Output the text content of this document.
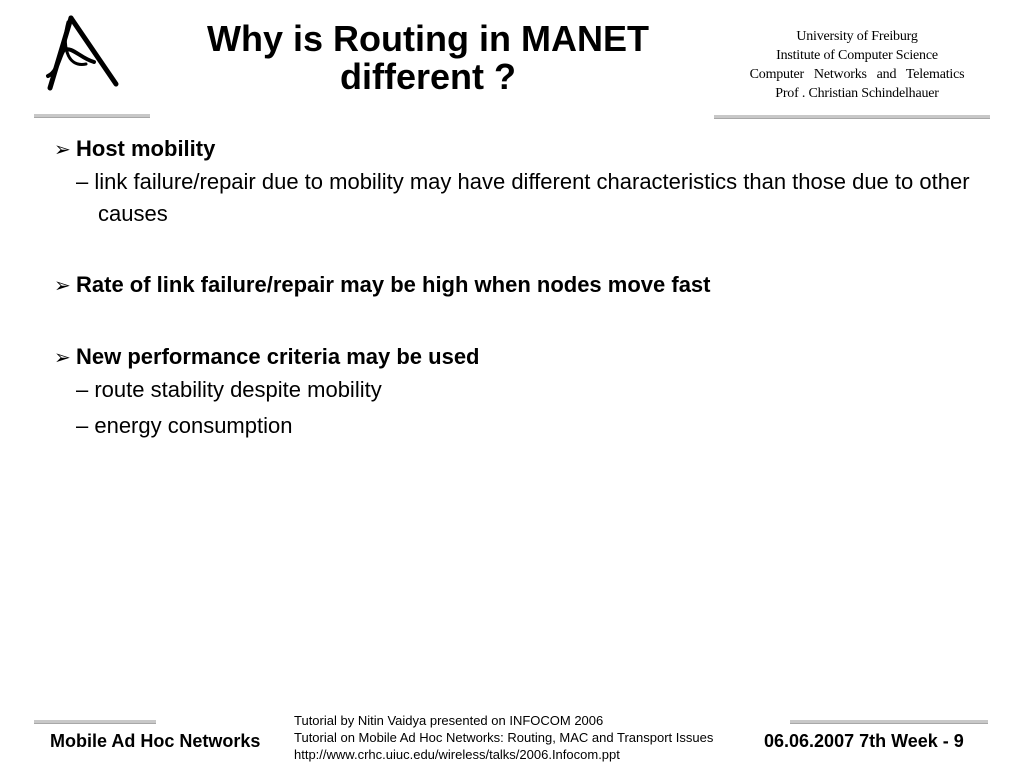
Why is Routing in MANET different ?
University of Freiburg
Institute of Computer Science
Computer   Networks   and   Telematics
Prof . Christian Schindelhauer
➢ Host mobility
– link failure/repair due to mobility may have different characteristics than those due to other causes
➢ Rate of link failure/repair may be high when nodes move fast
➢ New performance criteria may be used
– route stability despite mobility
– energy consumption
Mobile Ad Hoc Networks
Tutorial by Nitin Vaidya presented on INFOCOM 2006
Tutorial on Mobile Ad Hoc Networks: Routing, MAC and Transport Issues
http://www.crhc.uiuc.edu/wireless/talks/2006.Infocom.ppt
06.06.2007 7th Week - 9
